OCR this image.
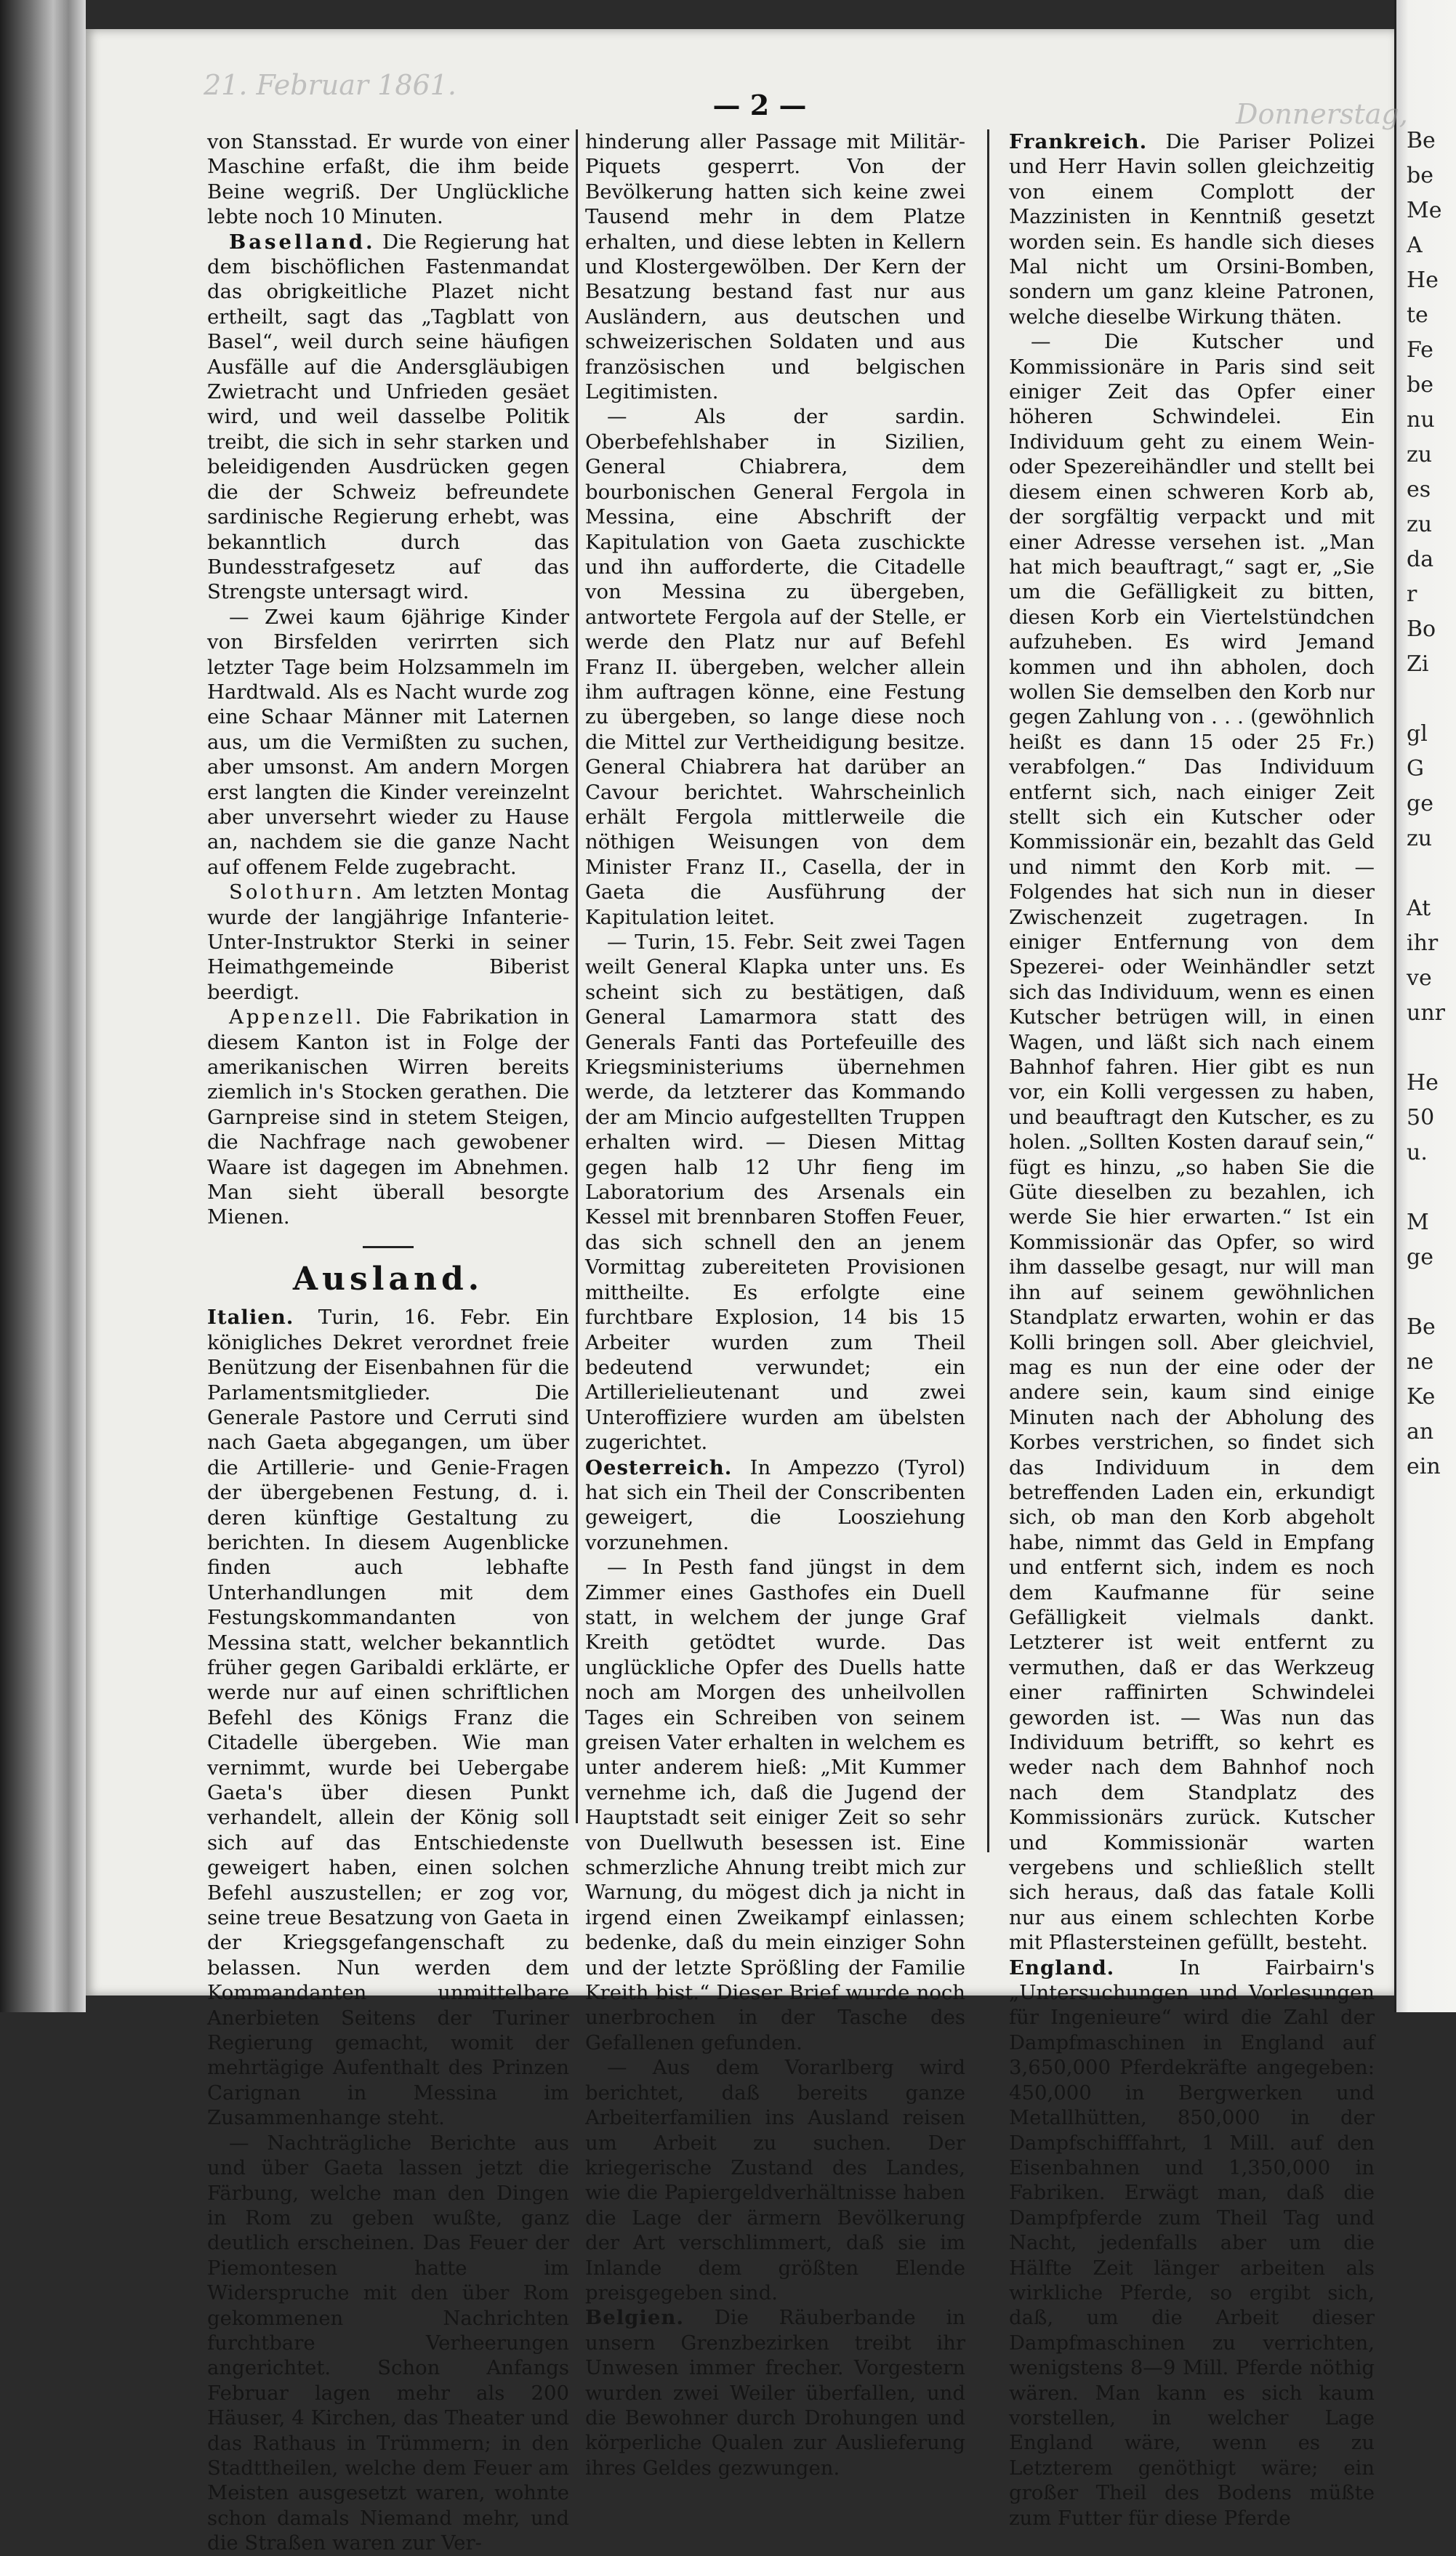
Be
be
Me
A
He
te
Fe
be
nu
zu
es
zu
da
r
Bo
Zi

gl
G
ge
zu

At
ihr
ve
unr

He
50
u.

M
ge

Be
ne
Ke
an
ein
21. Februar 1861.
Donnerstag,
— 2 —

von Stansstad. Er wurde von einer Maschine erfaßt, die ihm beide Beine wegriß. Der Unglückliche lebte noch 10 Minuten.

Baselland. Die Regierung hat dem bischöflichen Fastenmandat das obrigkeitliche Plazet nicht ertheilt, sagt das „Tagblatt von Basel“, weil durch seine häufigen Ausfälle auf die Andersgläubigen Zwietracht und Unfrieden gesäet wird, und weil dasselbe Politik treibt, die sich in sehr starken und beleidigenden Ausdrücken gegen die der Schweiz befreundete sardinische Regierung erhebt, was bekanntlich durch das Bundesstrafgesetz auf das Strengste untersagt wird.

— Zwei kaum 6jährige Kinder von Birsfelden verirrten sich letzter Tage beim Holzsammeln im Hardtwald. Als es Nacht wurde zog eine Schaar Männer mit Laternen aus, um die Vermißten zu suchen, aber umsonst. Am andern Morgen erst langten die Kinder vereinzelnt aber unversehrt wieder zu Hause an, nachdem sie die ganze Nacht auf offenem Felde zugebracht.

Solothurn. Am letzten Montag wurde der langjährige Infanterie-Unter-Instruktor Sterki in seiner Heimathgemeinde Biberist beerdigt.

Appenzell. Die Fabrikation in diesem Kanton ist in Folge der amerikanischen Wirren bereits ziemlich in's Stocken gerathen. Die Garnpreise sind in stetem Steigen, die Nachfrage nach gewobener Waare ist dagegen im Abnehmen. Man sieht überall besorgte Mienen.

Ausland.

Italien. Turin, 16. Febr. Ein königliches Dekret verordnet freie Benützung der Eisenbahnen für die Parlamentsmitglieder. Die Generale Pastore und Cerruti sind nach Gaeta abgegangen, um über die Artillerie- und Genie-Fragen der übergebenen Festung, d. i. deren künftige Gestaltung zu berichten. In diesem Augenblicke finden auch lebhafte Unterhandlungen mit dem Festungskommandanten von Messina statt, welcher bekanntlich früher gegen Garibaldi erklärte, er werde nur auf einen schriftlichen Befehl des Königs Franz die Citadelle übergeben. Wie man vernimmt, wurde bei Uebergabe Gaeta's über diesen Punkt verhandelt, allein der König soll sich auf das Entschiedenste geweigert haben, einen solchen Befehl auszustellen; er zog vor, seine treue Besatzung von Gaeta in der Kriegsgefangenschaft zu belassen. Nun werden dem Kommandanten unmittelbare Anerbieten Seitens der Turiner Regierung gemacht, womit der mehrtägige Aufenthalt des Prinzen Carignan in Messina im Zusammenhange steht.

— Nachträgliche Berichte aus und über Gaeta lassen jetzt die Färbung, welche man den Dingen in Rom zu geben wußte, ganz deutlich erscheinen. Das Feuer der Piemontesen hatte im Widerspruche mit den über Rom gekommenen Nachrichten furchtbare Verheerungen angerichtet. Schon Anfangs Februar lagen mehr als 200 Häuser, 4 Kirchen, das Theater und das Rathaus in Trümmern; in den Stadttheilen, welche dem Feuer am Meisten ausgesetzt waren, wohnte schon damals Niemand mehr, und die Straßen waren zur Ver-

hinderung aller Passage mit Militär-Piquets gesperrt. Von der Bevölkerung hatten sich keine zwei Tausend mehr in dem Platze erhalten, und diese lebten in Kellern und Klostergewölben. Der Kern der Besatzung bestand fast nur aus Ausländern, aus deutschen und schweizerischen Soldaten und aus französischen und belgischen Legitimisten.

— Als der sardin. Oberbefehlshaber in Sizilien, General Chiabrera, dem bourbonischen General Fergola in Messina, eine Abschrift der Kapitulation von Gaeta zuschickte und ihn aufforderte, die Citadelle von Messina zu übergeben, antwortete Fergola auf der Stelle, er werde den Platz nur auf Befehl Franz II. übergeben, welcher allein ihm auftragen könne, eine Festung zu übergeben, so lange diese noch die Mittel zur Vertheidigung besitze. General Chiabrera hat darüber an Cavour berichtet. Wahrscheinlich erhält Fergola mittlerweile die nöthigen Weisungen von dem Minister Franz II., Casella, der in Gaeta die Ausführung der Kapitulation leitet.

— Turin, 15. Febr. Seit zwei Tagen weilt General Klapka unter uns. Es scheint sich zu bestätigen, daß General Lamarmora statt des Generals Fanti das Portefeuille des Kriegsministeriums übernehmen werde, da letzterer das Kommando der am Mincio aufgestellten Truppen erhalten wird. — Diesen Mittag gegen halb 12 Uhr fieng im Laboratorium des Arsenals ein Kessel mit brennbaren Stoffen Feuer, das sich schnell den an jenem Vormittag zubereiteten Provisionen mittheilte. Es erfolgte eine furchtbare Explosion, 14 bis 15 Arbeiter wurden zum Theil bedeutend verwundet; ein Artillerielieutenant und zwei Unteroffiziere wurden am übelsten zugerichtet.

Oesterreich. In Ampezzo (Tyrol) hat sich ein Theil der Conscribenten geweigert, die Loosziehung vorzunehmen.

— In Pesth fand jüngst in dem Zimmer eines Gasthofes ein Duell statt, in welchem der junge Graf Kreith getödtet wurde. Das unglückliche Opfer des Duells hatte noch am Morgen des unheilvollen Tages ein Schreiben von seinem greisen Vater erhalten in welchem es unter anderem hieß: „Mit Kummer vernehme ich, daß die Jugend der Hauptstadt seit einiger Zeit so sehr von Duellwuth besessen ist. Eine schmerzliche Ahnung treibt mich zur Warnung, du mögest dich ja nicht in irgend einen Zweikampf einlassen; bedenke, daß du mein einziger Sohn und der letzte Sprößling der Familie Kreith bist.“ Dieser Brief wurde noch unerbrochen in der Tasche des Gefallenen gefunden.

— Aus dem Vorarlberg wird berichtet, daß bereits ganze Arbeiterfamilien ins Ausland reisen um Arbeit zu suchen. Der kriegerische Zustand des Landes, wie die Papiergeldverhältnisse haben die Lage der ärmern Bevölkerung der Art verschlimmert, daß sie im Inlande dem größten Elende preisgegeben sind.

Belgien. Die Räuberbande in unsern Grenzbezirken treibt ihr Unwesen immer frecher. Vorgestern wurden zwei Weiler überfallen, und die Bewohner durch Drohungen und körperliche Qualen zur Auslieferung ihres Geldes gezwungen.

Frankreich. Die Pariser Polizei und Herr Havin sollen gleichzeitig von einem Complott der Mazzinisten in Kenntniß gesetzt worden sein. Es handle sich dieses Mal nicht um Orsini-Bomben, sondern um ganz kleine Patronen, welche dieselbe Wirkung thäten.

— Die Kutscher und Kommissionäre in Paris sind seit einiger Zeit das Opfer einer höheren Schwindelei. Ein Individuum geht zu einem Wein- oder Spezereihändler und stellt bei diesem einen schweren Korb ab, der sorgfältig verpackt und mit einer Adresse versehen ist. „Man hat mich beauftragt,“ sagt er, „Sie um die Gefälligkeit zu bitten, diesen Korb ein Viertelstündchen aufzuheben. Es wird Jemand kommen und ihn abholen, doch wollen Sie demselben den Korb nur gegen Zahlung von . . . (gewöhnlich heißt es dann 15 oder 25 Fr.) verabfolgen.“ Das Individuum entfernt sich, nach einiger Zeit stellt sich ein Kutscher oder Kommissionär ein, bezahlt das Geld und nimmt den Korb mit. — Folgendes hat sich nun in dieser Zwischenzeit zugetragen. In einiger Entfernung von dem Spezerei- oder Weinhändler setzt sich das Individuum, wenn es einen Kutscher betrügen will, in einen Wagen, und läßt sich nach einem Bahnhof fahren. Hier gibt es nun vor, ein Kolli vergessen zu haben, und beauftragt den Kutscher, es zu holen. „Sollten Kosten darauf sein,“ fügt es hinzu, „so haben Sie die Güte dieselben zu bezahlen, ich werde Sie hier erwarten.“ Ist ein Kommissionär das Opfer, so wird ihm dasselbe gesagt, nur will man ihn auf seinem gewöhnlichen Standplatz erwarten, wohin er das Kolli bringen soll. Aber gleichviel, mag es nun der eine oder der andere sein, kaum sind einige Minuten nach der Abholung des Korbes verstrichen, so findet sich das Individuum in dem betreffenden Laden ein, erkundigt sich, ob man den Korb abgeholt habe, nimmt das Geld in Empfang und entfernt sich, indem es noch dem Kaufmanne für seine Gefälligkeit vielmals dankt. Letzterer ist weit entfernt zu vermuthen, daß er das Werkzeug einer raffinirten Schwindelei geworden ist. — Was nun das Individuum betrifft, so kehrt es weder nach dem Bahnhof noch nach dem Standplatz des Kommissionärs zurück. Kutscher und Kommissionär warten vergebens und schließlich stellt sich heraus, daß das fatale Kolli nur aus einem schlechten Korbe mit Pflastersteinen gefüllt, besteht.

England.	In Fairbairn's „Untersuchungen und Vorlesungen für Ingenieure“ wird die Zahl der Dampfmaschinen in England auf 3,650,000 Pferdekräfte angegeben: 450,000 in Bergwerken und Metallhütten, 850,000 in der Dampfschifffahrt, 1 Mill. auf den Eisenbahnen und 1,350,000 in Fabriken. Erwägt man, daß die Dampfpferde zum Theil Tag und Nacht, jedenfalls aber um die Hälfte Zeit länger arbeiten als wirkliche Pferde, so ergibt sich, daß, um die Arbeit dieser Dampfmaschinen zu verrichten, wenigstens 8—9 Mill. Pferde nöthig wären. Man kann es sich kaum vorstellen, in welcher Lage England wäre, wenn es zu Letzterem genöthigt wäre; ein großer Theil des Bodens müßte zum Futter für diese Pferde
